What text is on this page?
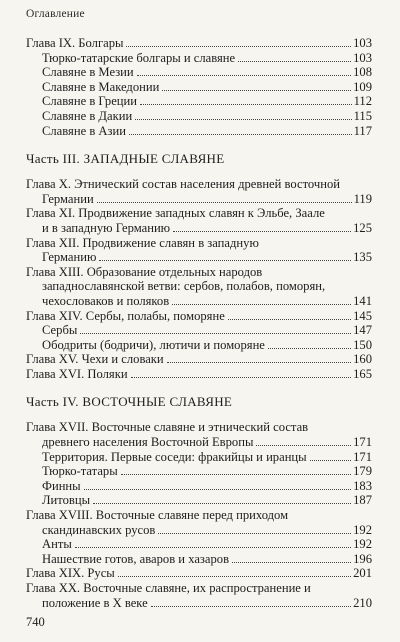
Оглавление
Глава IX. Болгары	103
Тюрко-татарские болгары и славяне	103
Славяне в Мезии	108
Славяне в Македонии	109
Славяне в Греции	112
Славяне в Дакии	115
Славяне в Азии	117
Часть III. ЗАПАДНЫЕ СЛАВЯНЕ
Глава X. Этнический состав населения древней восточной
Германии	119
Глава XI. Продвижение западных славян к Эльбе, Заале
и в западную Германию	125
Глава XII. Продвижение славян в западную
Германию	135
Глава XIII. Образование отдельных народов
западнославянской ветви: сербов, полабов, поморян,
чехословаков и поляков	141
Глава XIV. Сербы, полабы, поморяне	145
Сербы	147
Ободриты (бодричи), лютичи и поморяне	150
Глава XV. Чехи и словаки	160
Глава XVI. Поляки	165
Часть IV. ВОСТОЧНЫЕ СЛАВЯНЕ
Глава XVII. Восточные славяне и этнический состав
древнего населения Восточной Европы	171
Территория. Первые соседи: фракийцы и иранцы	171
Тюрко-татары	179
Финны	183
Литовцы	187
Глава XVIII. Восточные славяне перед приходом
скандинавских русов	192
Анты	192
Нашествие готов, аваров и хазаров	196
Глава XIX. Русы	201
Глава XX. Восточные славяне, их распространение и
положение в X веке	210
740
